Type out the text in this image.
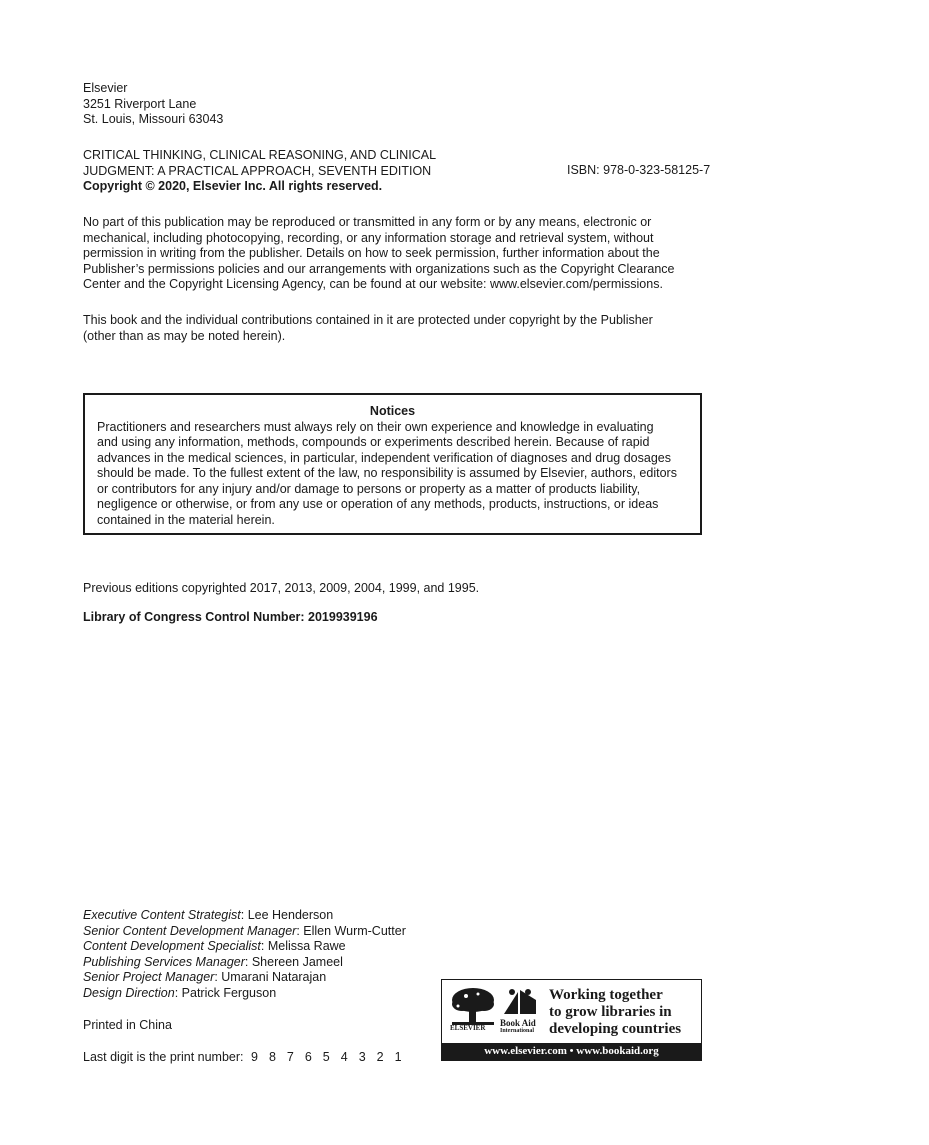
Elsevier

3251 Riverport Lane

St. Louis, Missouri 63043

CRITICAL THINKING, CLINICAL REASONING, AND CLINICAL

JUDGMENT: A PRACTICAL APPROACH, SEVENTH EDITION

Copyright © 2020, Elsevier Inc. All rights reserved.

ISBN: 978-0-323-58125-7

No part of this publication may be reproduced or transmitted in any form or by any means, electronic or

mechanical, including photocopying, recording, or any information storage and retrieval system, without

permission in writing from the publisher. Details on how to seek permission, further information about the

Publisher’s permissions policies and our arrangements with organizations such as the Copyright Clearance

Center and the Copyright Licensing Agency, can be found at our website: www.elsevier.com/permissions.

This book and the individual contributions contained in it are protected under copyright by the Publisher

(other than as may be noted herein).

Notices

Practitioners and researchers must always rely on their own experience and knowledge in evaluating
and using any information, methods, compounds or experiments described herein. Because of rapid
advances in the medical sciences, in particular, independent verification of diagnoses and drug dosages
should be made. To the fullest extent of the law, no responsibility is assumed by Elsevier, authors, editors
or contributors for any injury and/or damage to persons or property as a matter of products liability,
negligence or otherwise, or from any use or operation of any methods, products, instructions, or ideas
contained in the material herein.
Previous editions copyrighted 2017, 2013, 2009, 2004, 1999, and 1995.
Library of Congress Control Number: 2019939196

Executive Content Strategist: Lee Henderson

Senior Content Development Manager: Ellen Wurm-Cutter

Content Development Specialist: Melissa Rawe

Publishing Services Manager: Shereen Jameel

Senior Project Manager: Umarani Natarajan

Design Direction: Patrick Ferguson

Printed in China
Last digit is the print number: 9 8 7 6 5 4 3 2 1
ELSEVIER Book Aid
International
Working together
to grow libraries in
developing countries
www.elsevier.com • www.bookaid.org
